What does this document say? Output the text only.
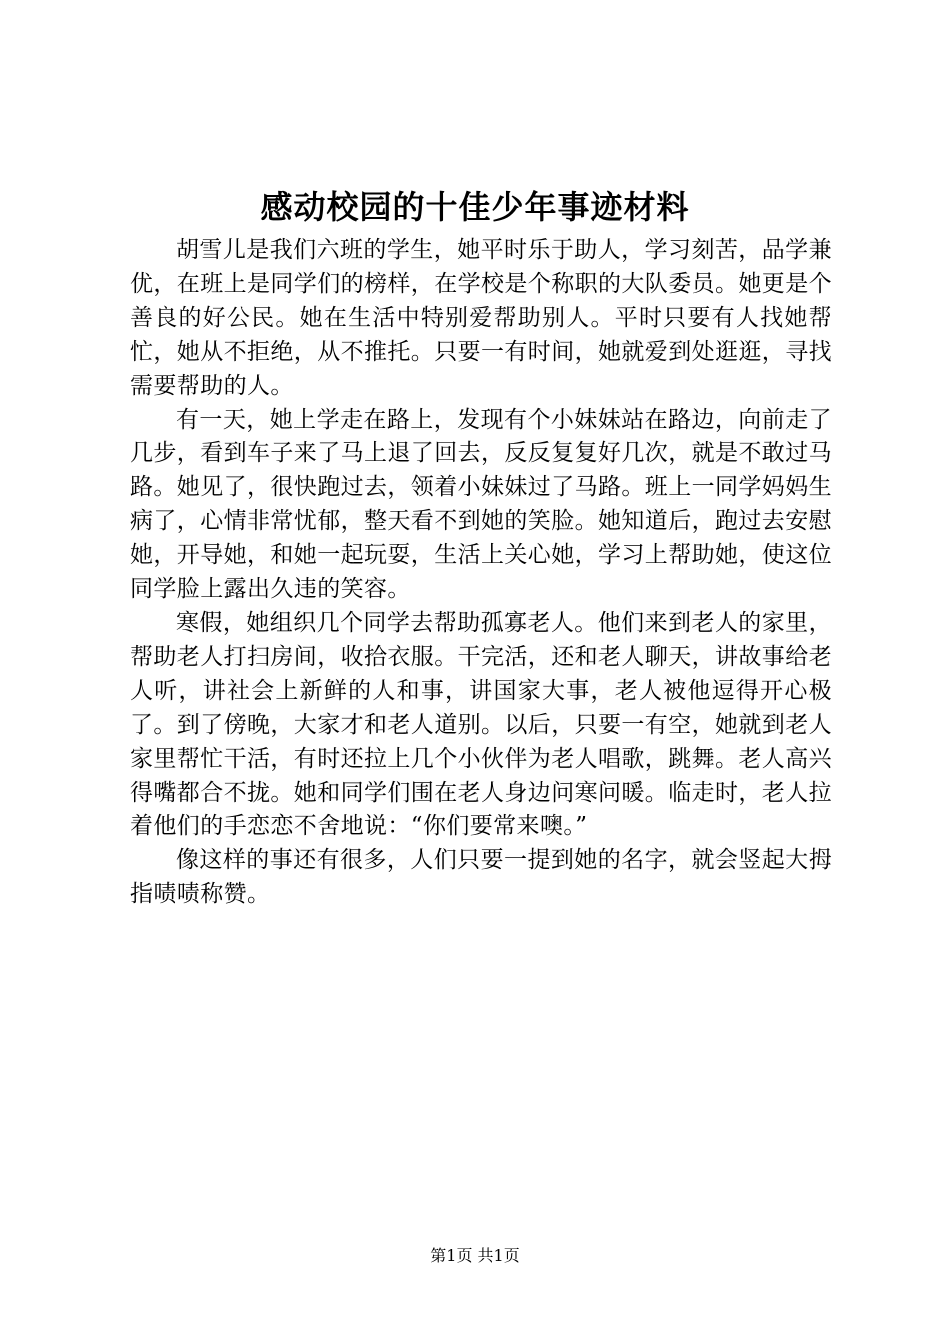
感动校园的十佳少年事迹材料

胡雪儿是我们六班的学生，她平时乐于助人，学习刻苦，品学兼优，在班上是同学们的榜样，在学校是个称职的大队委员。她更是个善良的好公民。她在生活中特别爱帮助别人。平时只要有人找她帮忙，她从不拒绝，从不推托。只要一有时间，她就爱到处逛逛，寻找需要帮助的人。

有一天，她上学走在路上，发现有个小妹妹站在路边，向前走了几步，看到车子来了马上退了回去，反反复复好几次，就是不敢过马路。她见了，很快跑过去，领着小妹妹过了马路。班上一同学妈妈生病了，心情非常忧郁，整天看不到她的笑脸。她知道后，跑过去安慰她，开导她，和她一起玩耍，生活上关心她，学习上帮助她，使这位同学脸上露出久违的笑容。

寒假，她组织几个同学去帮助孤寡老人。他们来到老人的家里，帮助老人打扫房间，收拾衣服。干完活，还和老人聊天，讲故事给老人听，讲社会上新鲜的人和事，讲国家大事，老人被他逗得开心极了。到了傍晚，大家才和老人道别。以后，只要一有空，她就到老人家里帮忙干活，有时还拉上几个小伙伴为老人唱歌，跳舞。老人高兴得嘴都合不拢。她和同学们围在老人身边问寒问暖。临走时，老人拉着他们的手恋恋不舍地说：“你们要常来噢。”

像这样的事还有很多，人们只要一提到她的名字，就会竖起大拇指啧啧称赞。

第1页 共1页
